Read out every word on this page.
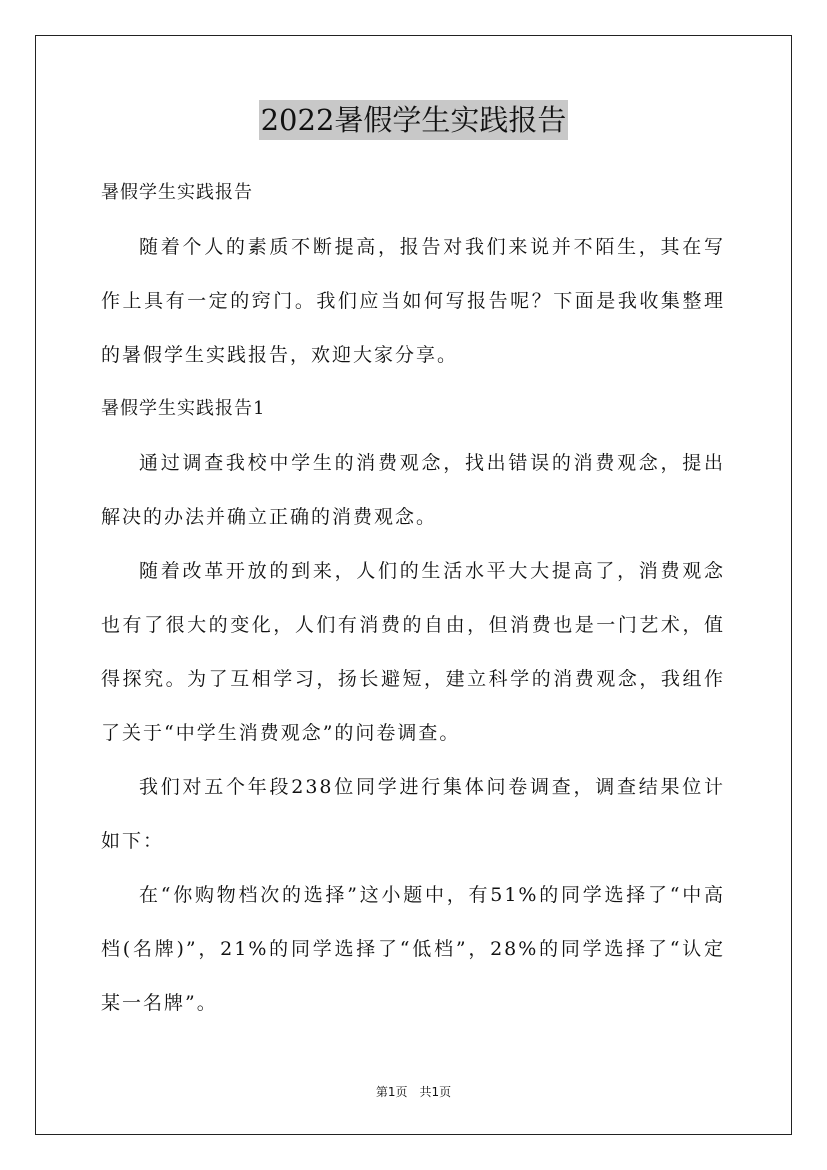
2022暑假学生实践报告

暑假学生实践报告

随着个人的素质不断提高，报告对我们来说并不陌生，其在写作上具有一定的窍门。我们应当如何写报告呢？下面是我收集整理的暑假学生实践报告，欢迎大家分享。

暑假学生实践报告1

通过调查我校中学生的消费观念，找出错误的消费观念，提出解决的办法并确立正确的消费观念。

随着改革开放的到来，人们的生活水平大大提高了，消费观念也有了很大的变化，人们有消费的自由，但消费也是一门艺术，值得探究。为了互相学习，扬长避短，建立科学的消费观念，我组作了关于“中学生消费观念”的问卷调查。

我们对五个年段238位同学进行集体问卷调查，调查结果位计如下：

在“你购物档次的选择”这小题中，有51%的同学选择了“中高档(名牌)”，21%的同学选择了“低档”，28%的同学选择了“认定某一名牌”。

第1页　共1页
